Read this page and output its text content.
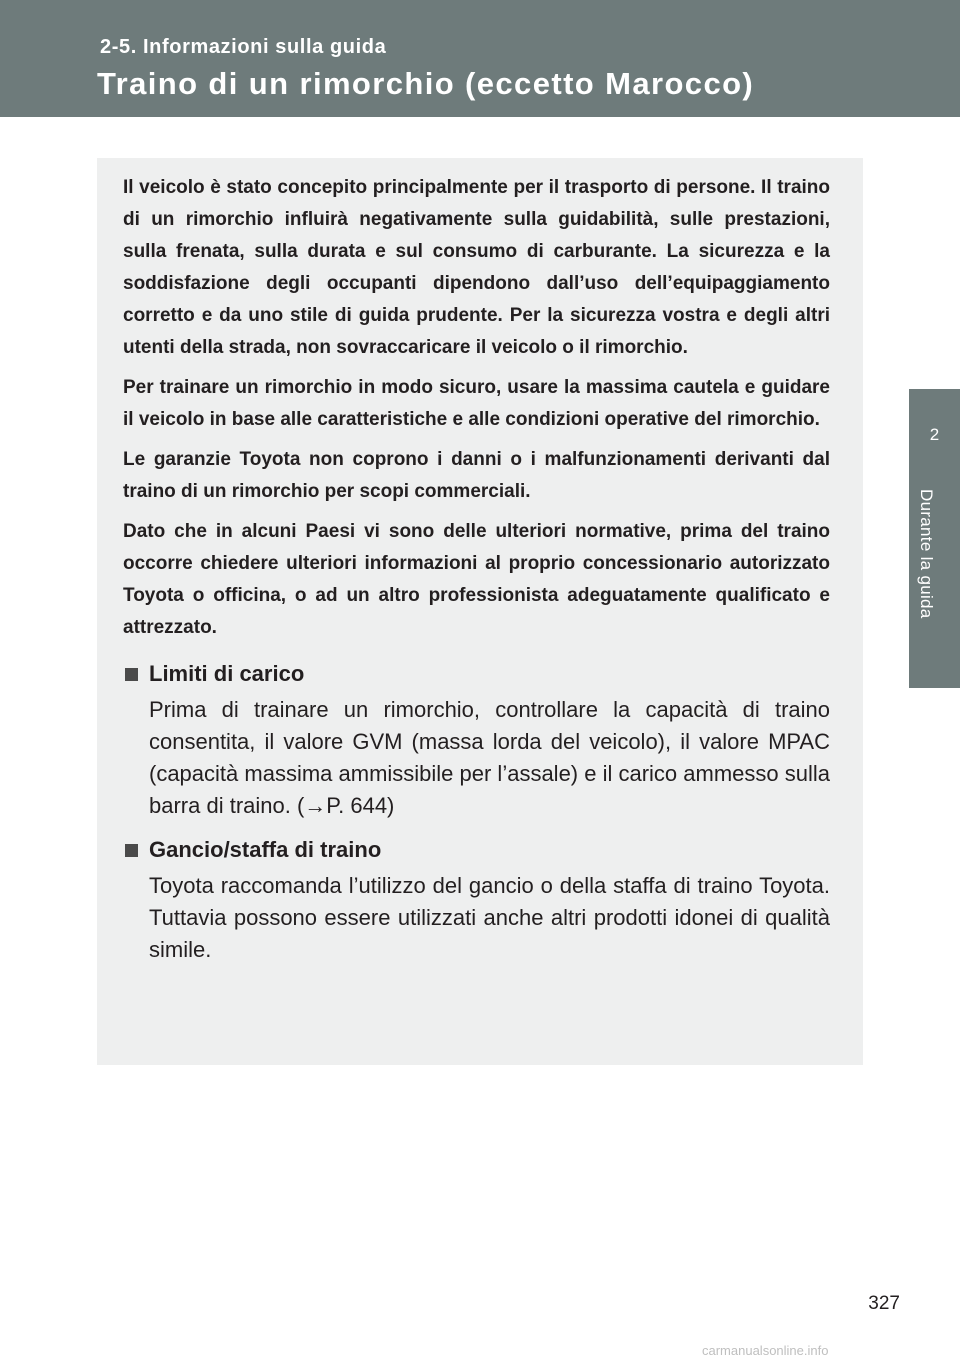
2-5. Informazioni sulla guida
Traino di un rimorchio (eccetto Marocco)
2
Durante la guida

Il veicolo è stato concepito principalmente per il trasporto di persone. Il traino di un rimorchio influirà negativamente sulla guidabilità, sulle prestazioni, sulla frenata, sulla durata e sul consumo di carburante. La sicurezza e la soddisfazione degli occupanti dipendono dall’uso dell’equipaggiamento corretto e da uno stile di guida prudente. Per la sicurezza vostra e degli altri utenti della strada, non sovraccaricare il veicolo o il rimorchio.

Per trainare un rimorchio in modo sicuro, usare la massima cautela e guidare il veicolo in base alle caratteristiche e alle condizioni operative del rimorchio.

Le garanzie Toyota non coprono i danni o i malfunzionamenti derivanti dal traino di un rimorchio per scopi commerciali.

Dato che in alcuni Paesi vi sono delle ulteriori normative, prima del traino occorre chiedere ulteriori informazioni al proprio concessionario autorizzato Toyota o officina, o ad un altro professionista adeguatamente qualificato e attrezzato.

Limiti di carico

Prima di trainare un rimorchio, controllare la capacità di traino consentita, il valore GVM (massa lorda del veicolo), il valore MPAC (capacità massima ammissibile per l’assale) e il carico ammesso sulla barra di traino. (→P. 644)

Gancio/staffa di traino

Toyota raccomanda l’utilizzo del gancio o della staffa di traino Toyota. Tuttavia possono essere utilizzati anche altri prodotti idonei di qualità simile.

327
carmanualsonline.info
